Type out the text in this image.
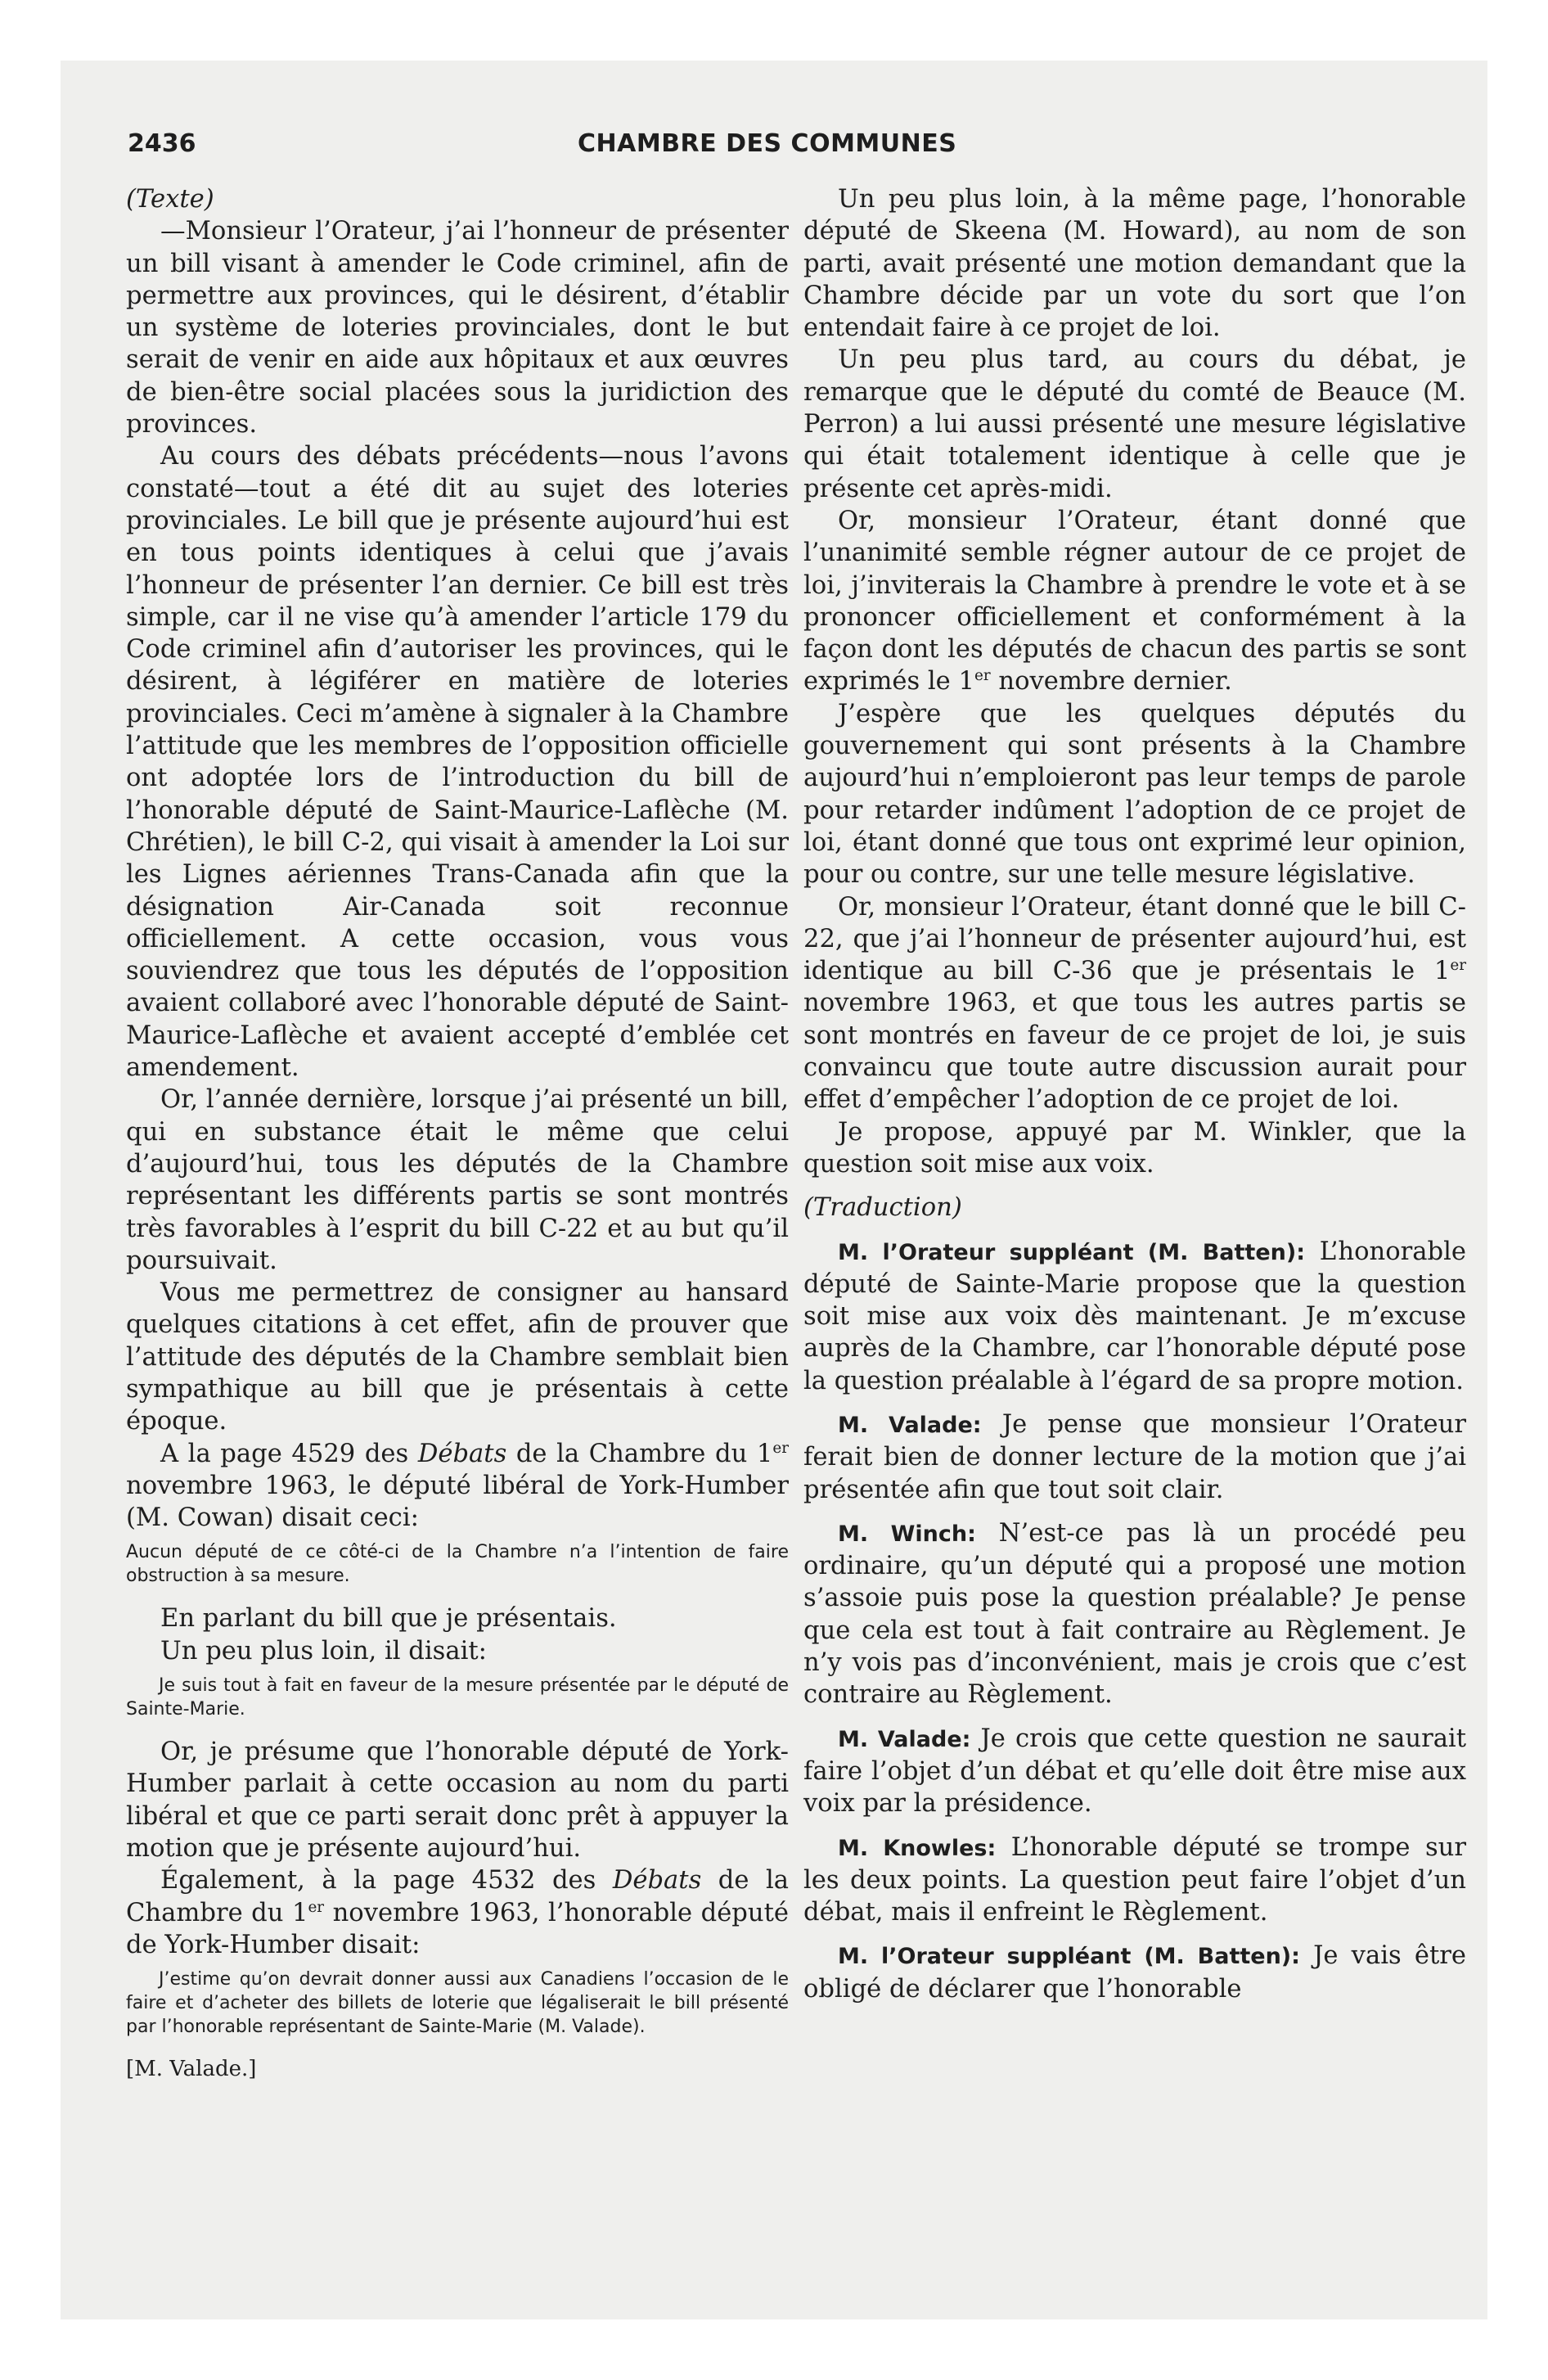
2436	CHAMBRE DES COMMUNES

(Texte)

—Monsieur l’Orateur, j’ai l’honneur de présenter un bill visant à amender le Code criminel, afin de permettre aux provinces, qui le désirent, d’établir un système de loteries provinciales, dont le but serait de venir en aide aux hôpitaux et aux œuvres de bien-être social placées sous la juridiction des provinces.

Au cours des débats précédents—nous l’avons constaté—tout a été dit au sujet des loteries provinciales. Le bill que je présente aujourd’hui est en tous points identiques à celui que j’avais l’honneur de présenter l’an dernier. Ce bill est très simple, car il ne vise qu’à amender l’article 179 du Code criminel afin d’autoriser les provinces, qui le désirent, à légiférer en matière de loteries provinciales. Ceci m’amène à signaler à la Chambre l’attitude que les membres de l’opposition officielle ont adoptée lors de l’introduction du bill de l’honorable député de Saint-Maurice-Laflèche (M. Chrétien), le bill C-2, qui visait à amender la Loi sur les Lignes aériennes Trans-Canada afin que la désignation Air-Canada soit reconnue officiellement. A cette occasion, vous vous souviendrez que tous les députés de l’opposition avaient collaboré avec l’honorable député de Saint-Maurice-Laflèche et avaient accepté d’emblée cet amendement.

Or, l’année dernière, lorsque j’ai présenté un bill, qui en substance était le même que celui d’aujourd’hui, tous les députés de la Chambre représentant les différents partis se sont montrés très favorables à l’esprit du bill C-22 et au but qu’il poursuivait.

Vous me permettrez de consigner au hansard quelques citations à cet effet, afin de prouver que l’attitude des députés de la Chambre semblait bien sympathique au bill que je présentais à cette époque.

A la page 4529 des Débats de la Chambre du 1er novembre 1963, le député libéral de York-Humber (M. Cowan) disait ceci:

Aucun député de ce côté-ci de la Chambre n’a l’intention de faire obstruction à sa mesure.

En parlant du bill que je présentais.

Un peu plus loin, il disait:

Je suis tout à fait en faveur de la mesure présentée par le député de Sainte-Marie.

Or, je présume que l’honorable député de York-Humber parlait à cette occasion au nom du parti libéral et que ce parti serait donc prêt à appuyer la motion que je présente aujourd’hui.

Également, à la page 4532 des Débats de la Chambre du 1er novembre 1963, l’honorable député de York-Humber disait:

J’estime qu’on devrait donner aussi aux Canadiens l’occasion de le faire et d’acheter des billets de loterie que légaliserait le bill présenté par l’honorable représentant de Sainte-Marie (M. Valade).

[M. Valade.]

Un peu plus loin, à la même page, l’honorable député de Skeena (M. Howard), au nom de son parti, avait présenté une motion demandant que la Chambre décide par un vote du sort que l’on entendait faire à ce projet de loi.

Un peu plus tard, au cours du débat, je remarque que le député du comté de Beauce (M. Perron) a lui aussi présenté une mesure législative qui était totalement identique à celle que je présente cet après-midi.

Or, monsieur l’Orateur, étant donné que l’unanimité semble régner autour de ce projet de loi, j’inviterais la Chambre à prendre le vote et à se prononcer officiellement et conformément à la façon dont les députés de chacun des partis se sont exprimés le 1er novembre dernier.

J’espère que les quelques députés du gouvernement qui sont présents à la Chambre aujourd’hui n’emploieront pas leur temps de parole pour retarder indûment l’adoption de ce projet de loi, étant donné que tous ont exprimé leur opinion, pour ou contre, sur une telle mesure législative.

Or, monsieur l’Orateur, étant donné que le bill C-22, que j’ai l’honneur de présenter aujourd’hui, est identique au bill C-36 que je présentais le 1er novembre 1963, et que tous les autres partis se sont montrés en faveur de ce projet de loi, je suis convaincu que toute autre discussion aurait pour effet d’empêcher l’adoption de ce projet de loi.

Je propose, appuyé par M. Winkler, que la question soit mise aux voix.

(Traduction)

M. l’Orateur suppléant (M. Batten): L’honorable député de Sainte-Marie propose que la question soit mise aux voix dès maintenant. Je m’excuse auprès de la Chambre, car l’honorable député pose la question préalable à l’égard de sa propre motion.

M. Valade: Je pense que monsieur l’Orateur ferait bien de donner lecture de la motion que j’ai présentée afin que tout soit clair.

M. Winch: N’est-ce pas là un procédé peu ordinaire, qu’un député qui a proposé une motion s’assoie puis pose la question préalable? Je pense que cela est tout à fait contraire au Règlement. Je n’y vois pas d’inconvénient, mais je crois que c’est contraire au Règlement.

M. Valade: Je crois que cette question ne saurait faire l’objet d’un débat et qu’elle doit être mise aux voix par la présidence.

M. Knowles: L’honorable député se trompe sur les deux points. La question peut faire l’objet d’un débat, mais il enfreint le Règlement.

M. l’Orateur suppléant (M. Batten): Je vais être obligé de déclarer que l’honorable
